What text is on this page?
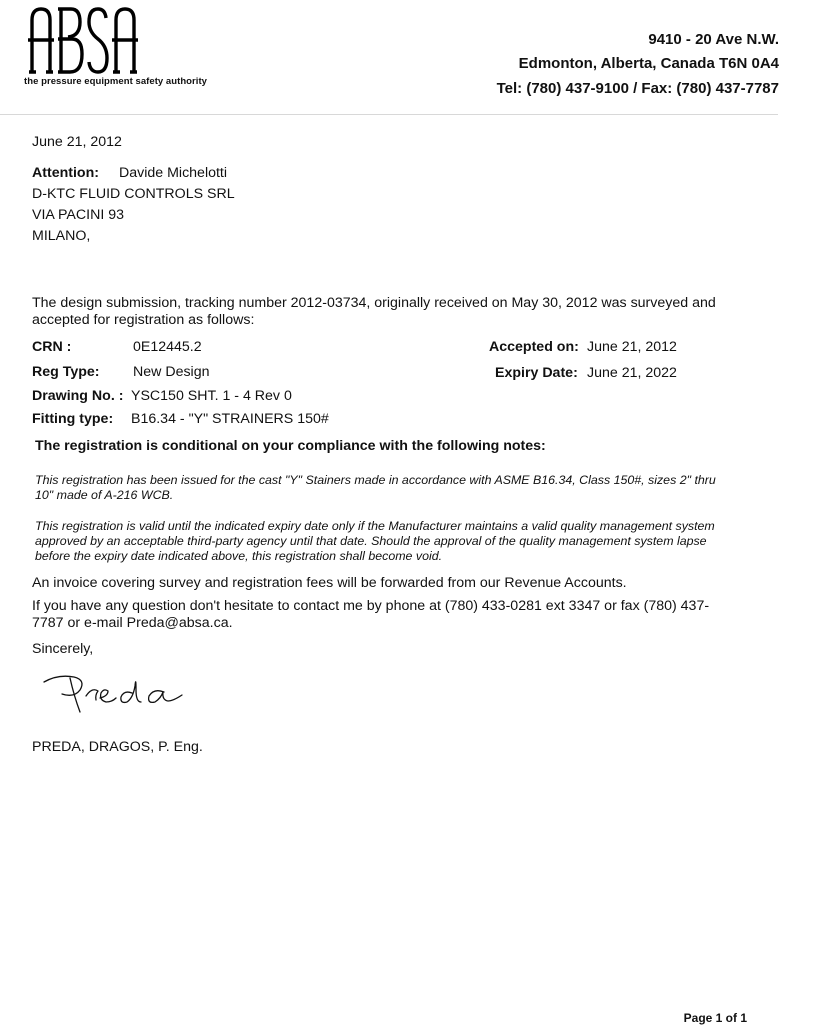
the pressure equipment safety authority
9410 - 20 Ave N.W.
Edmonton, Alberta, Canada T6N 0A4
Tel: (780) 437-9100 / Fax: (780) 437-7787
June 21, 2012
Attention: Davide Michelotti
D-KTC FLUID CONTROLS SRL
VIA PACINI 93
MILANO,
The design submission, tracking number 2012-03734, originally received on May 30, 2012 was surveyed and accepted for registration as follows:
CRN :	0E12445.2	Accepted on: June 21, 2012
Reg Type: New Design	Expiry Date: June 21, 2022
Drawing No. : YSC150 SHT. 1 - 4 Rev 0
Fitting type: B16.34 - "Y" STRAINERS 150#
The registration is conditional on your compliance with the following notes:
This registration has been issued for the cast "Y" Stainers made in accordance with ASME B16.34, Class 150#, sizes 2" thru 10" made of A-216 WCB.
This registration is valid until the indicated expiry date only if the Manufacturer maintains a valid quality management system approved by an acceptable third-party agency until that date. Should the approval of the quality management system lapse before the expiry date indicated above, this registration shall become void.
An invoice covering survey and registration fees will be forwarded from our Revenue Accounts.
If you have any question don't hesitate to contact me by phone at (780) 433-0281 ext 3347 or fax (780) 437-7787 or e-mail Preda@absa.ca.
Sincerely,
PREDA, DRAGOS, P. Eng.
Page 1 of 1
